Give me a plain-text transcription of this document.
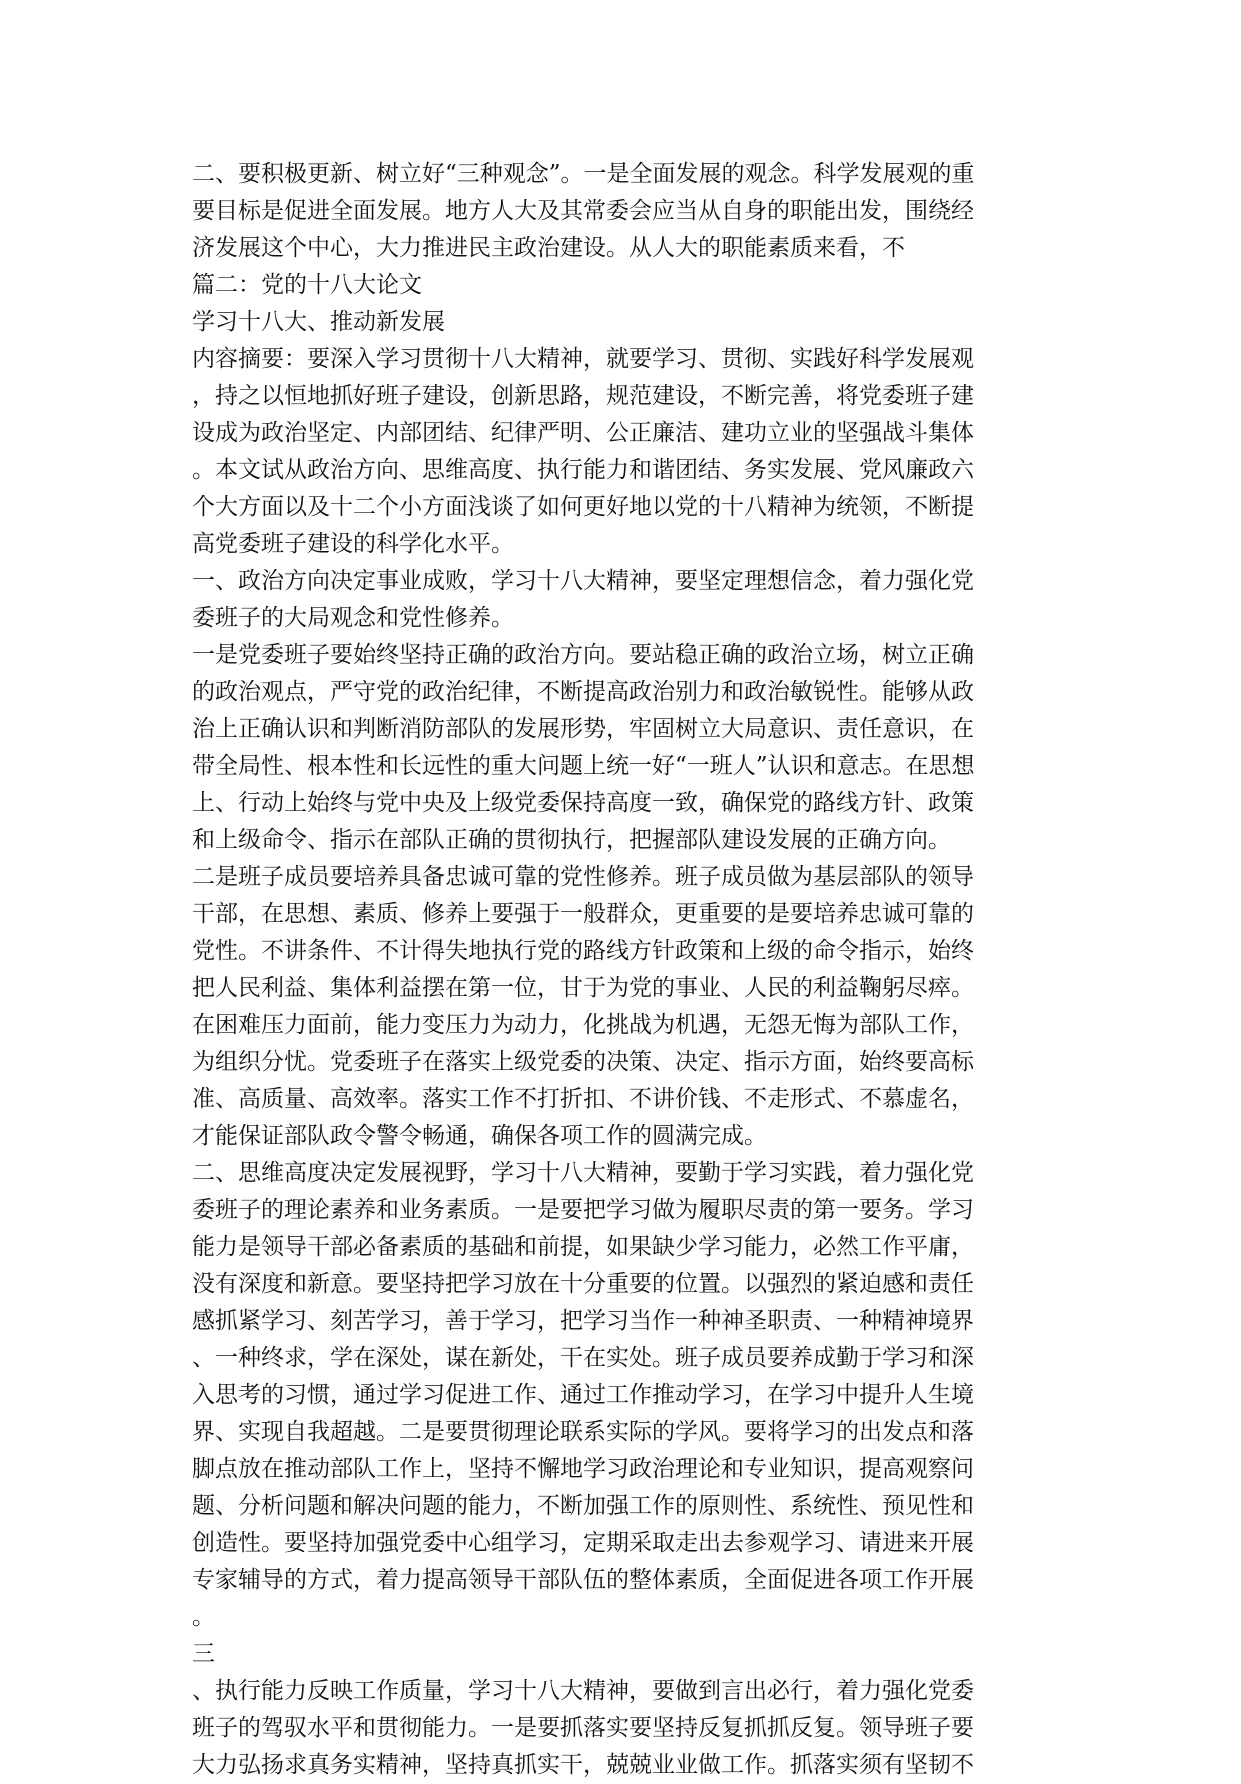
二、要积极更新、树立好“三种观念”。一是全面发展的观念。科学发展观的重
要目标是促进全面发展。地方人大及其常委会应当从自身的职能出发，围绕经
济发展这个中心，大力推进民主政治建设。从人大的职能素质来看，不
篇二：党的十八大论文
学习十八大、推动新发展
内容摘要：要深入学习贯彻十八大精神，就要学习、贯彻、实践好科学发展观
，持之以恒地抓好班子建设，创新思路，规范建设，不断完善，将党委班子建
设成为政治坚定、内部团结、纪律严明、公正廉洁、建功立业的坚强战斗集体
。本文试从政治方向、思维高度、执行能力和谐团结、务实发展、党风廉政六
个大方面以及十二个小方面浅谈了如何更好地以党的十八精神为统领，不断提
高党委班子建设的科学化水平。
一、政治方向决定事业成败，学习十八大精神，要坚定理想信念，着力强化党
委班子的大局观念和党性修养。
一是党委班子要始终坚持正确的政治方向。要站稳正确的政治立场，树立正确
的政治观点，严守党的政治纪律，不断提高政治别力和政治敏锐性。能够从政
治上正确认识和判断消防部队的发展形势，牢固树立大局意识、责任意识，在
带全局性、根本性和长远性的重大问题上统一好“一班人”认识和意志。在思想
上、行动上始终与党中央及上级党委保持高度一致，确保党的路线方针、政策
和上级命令、指示在部队正确的贯彻执行，把握部队建设发展的正确方向。
二是班子成员要培养具备忠诚可靠的党性修养。班子成员做为基层部队的领导
干部，在思想、素质、修养上要强于一般群众，更重要的是要培养忠诚可靠的
党性。不讲条件、不计得失地执行党的路线方针政策和上级的命令指示，始终
把人民利益、集体利益摆在第一位，甘于为党的事业、人民的利益鞠躬尽瘁。
在困难压力面前，能力变压力为动力，化挑战为机遇，无怨无悔为部队工作，
为组织分忧。党委班子在落实上级党委的决策、决定、指示方面，始终要高标
准、高质量、高效率。落实工作不打折扣、不讲价钱、不走形式、不慕虚名，
才能保证部队政令警令畅通，确保各项工作的圆满完成。
二、思维高度决定发展视野，学习十八大精神，要勤于学习实践，着力强化党
委班子的理论素养和业务素质。一是要把学习做为履职尽责的第一要务。学习
能力是领导干部必备素质的基础和前提，如果缺少学习能力，必然工作平庸，
没有深度和新意。要坚持把学习放在十分重要的位置。以强烈的紧迫感和责任
感抓紧学习、刻苦学习，善于学习，把学习当作一种神圣职责、一种精神境界
、一种终求，学在深处，谋在新处，干在实处。班子成员要养成勤于学习和深
入思考的习惯，通过学习促进工作、通过工作推动学习，在学习中提升人生境
界、实现自我超越。二是要贯彻理论联系实际的学风。要将学习的出发点和落
脚点放在推动部队工作上，坚持不懈地学习政治理论和专业知识，提高观察问
题、分析问题和解决问题的能力，不断加强工作的原则性、系统性、预见性和
创造性。要坚持加强党委中心组学习，定期采取走出去参观学习、请进来开展
专家辅导的方式，着力提高领导干部队伍的整体素质，全面促进各项工作开展
。
三
、执行能力反映工作质量，学习十八大精神，要做到言出必行，着力强化党委
班子的驾驭水平和贯彻能力。一是要抓落实要坚持反复抓抓反复。领导班子要
大力弘扬求真务实精神，坚持真抓实干，兢兢业业做工作。抓落实须有坚韧不
